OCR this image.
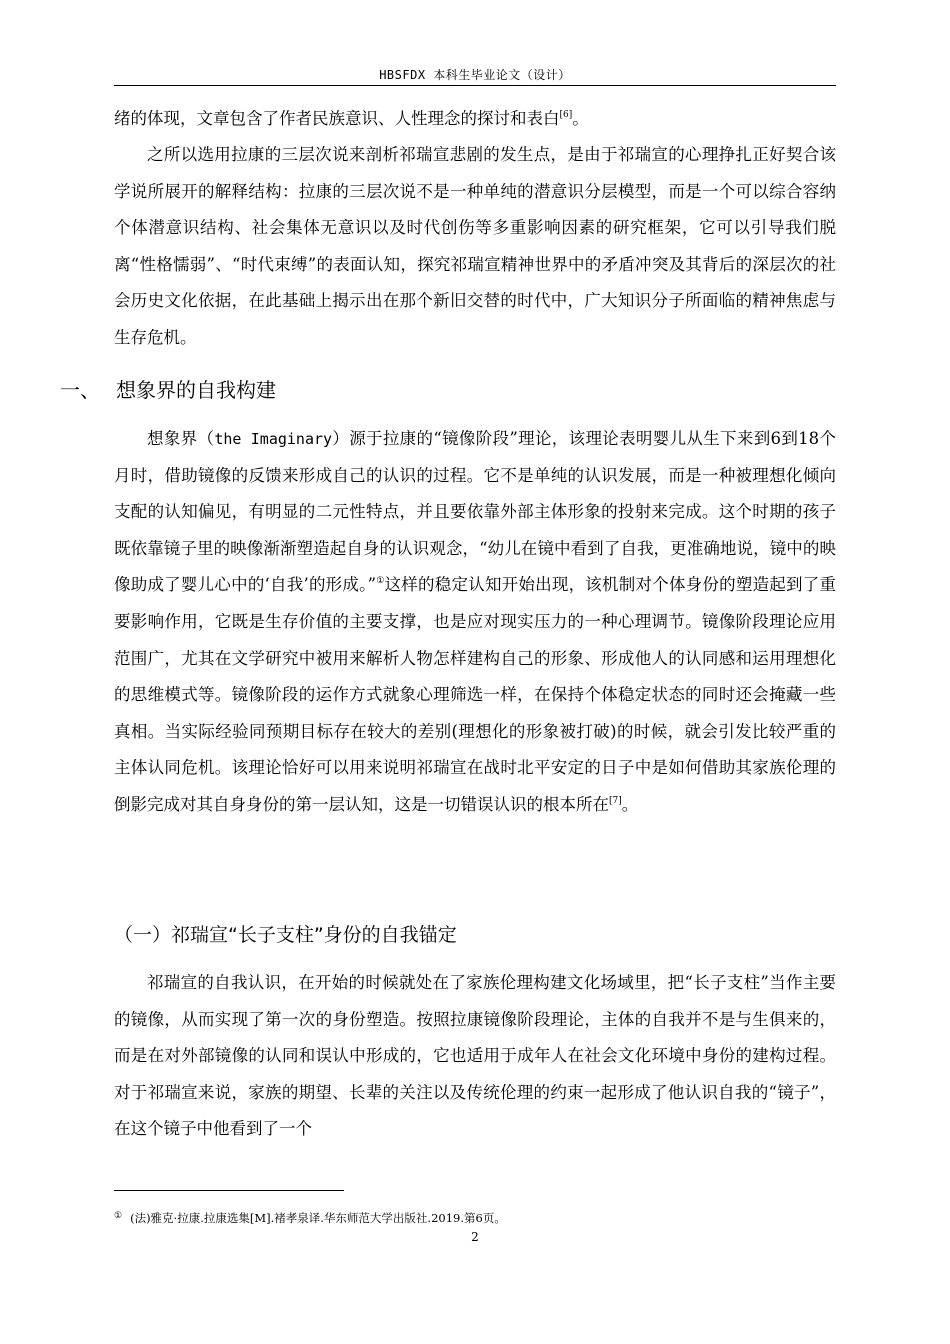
HBSFDX 本科生毕业论文（设计）

绪的体现，文章包含了作者民族意识、人性理念的探讨和表白[6]。

之所以选用拉康的三层次说来剖析祁瑞宣悲剧的发生点，是由于祁瑞宣的心理挣扎正好契合该学说所展开的解释结构：拉康的三层次说不是一种单纯的潜意识分层模型，而是一个可以综合容纳个体潜意识结构、社会集体无意识以及时代创伤等多重影响因素的研究框架，它可以引导我们脱离“性格懦弱”、“时代束缚”的表面认知，探究祁瑞宣精神世界中的矛盾冲突及其背后的深层次的社会历史文化依据，在此基础上揭示出在那个新旧交替的时代中，广大知识分子所面临的精神焦虑与生存危机。

一、 想象界的自我构建

想象界（the Imaginary）源于拉康的“镜像阶段”理论，该理论表明婴儿从生下来到6到18个月时，借助镜像的反馈来形成自己的认识的过程。它不是单纯的认识发展，而是一种被理想化倾向支配的认知偏见，有明显的二元性特点，并且要依靠外部主体形象的投射来完成。这个时期的孩子既依靠镜子里的映像渐渐塑造起自身的认识观念，“幼儿在镜中看到了自我，更准确地说，镜中的映像助成了婴儿心中的‘自我’的形成。”①这样的稳定认知开始出现，该机制对个体身份的塑造起到了重要影响作用，它既是生存价值的主要支撑，也是应对现实压力的一种心理调节。镜像阶段理论应用范围广，尤其在文学研究中被用来解析人物怎样建构自己的形象、形成他人的认同感和运用理想化的思维模式等。镜像阶段的运作方式就象心理筛选一样，在保持个体稳定状态的同时还会掩藏一些真相。当实际经验同预期目标存在较大的差别(理想化的形象被打破)的时候，就会引发比较严重的主体认同危机。该理论恰好可以用来说明祁瑞宣在战时北平安定的日子中是如何借助其家族伦理的倒影完成对其自身身份的第一层认知，这是一切错误认识的根本所在[7]。

（一）祁瑞宣“长子支柱”身份的自我锚定

祁瑞宣的自我认识，在开始的时候就处在了家族伦理构建文化场域里，把“长子支柱”当作主要的镜像，从而实现了第一次的身份塑造。按照拉康镜像阶段理论，主体的自我并不是与生俱来的，而是在对外部镜像的认同和误认中形成的，它也适用于成年人在社会文化环境中身份的建构过程。对于祁瑞宣来说，家族的期望、长辈的关注以及传统伦理的约束一起形成了他认识自我的“镜子”，在这个镜子中他看到了一个

① (法)雅克·拉康.拉康选集[M].褚孝泉译.华东师范大学出版社.2019.第6页。

2
